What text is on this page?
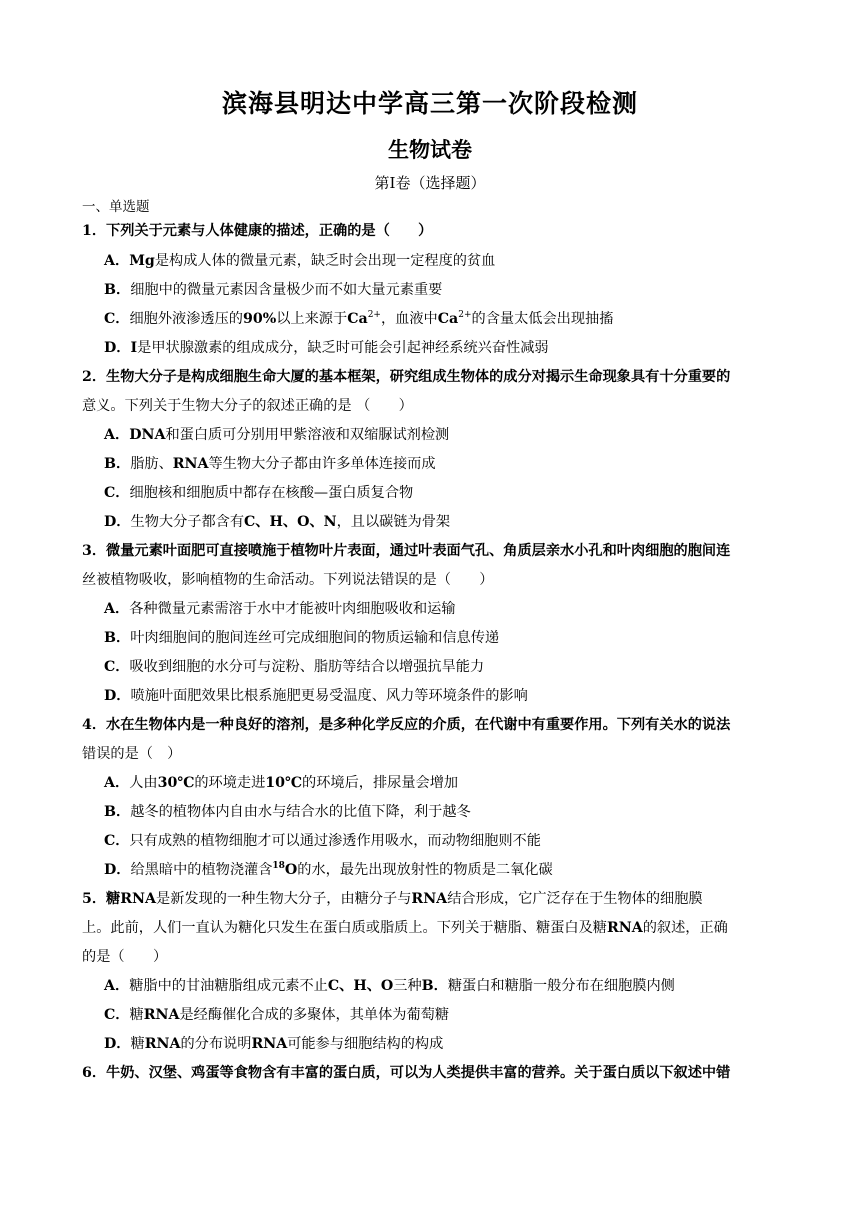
滨海县明达中学高三第一次阶段检测
生物试卷
第Ⅰ卷（选择题）
一、单选题
1．下列关于元素与人体健康的描述，正确的是（　　）
A．Mg是构成人体的微量元素，缺乏时会出现一定程度的贫血
B．细胞中的微量元素因含量极少而不如大量元素重要
C．细胞外液渗透压的90%以上来源于$Ca^{2+}$，血液中$Ca^{2+}$的含量太低会出现抽搐
D．I是甲状腺激素的组成成分，缺乏时可能会引起神经系统兴奋性减弱
2．生物大分子是构成细胞生命大厦的基本框架，研究组成生物体的成分对揭示生命现象具有十分重要的
意义。下列关于生物大分子的叙述正确的是 （　　）
A．DNA和蛋白质可分别用甲紫溶液和双缩脲试剂检测
B．脂肪、RNA等生物大分子都由许多单体连接而成
C．细胞核和细胞质中都存在核酸—蛋白质复合物
D．生物大分子都含有C、H、O、N，且以碳链为骨架
3．微量元素叶面肥可直接喷施于植物叶片表面，通过叶表面气孔、角质层亲水小孔和叶肉细胞的胞间连
丝被植物吸收，影响植物的生命活动。下列说法错误的是（　　）
A．各种微量元素需溶于水中才能被叶肉细胞吸收和运输
B．叶肉细胞间的胞间连丝可完成细胞间的物质运输和信息传递
C．吸收到细胞的水分可与淀粉、脂肪等结合以增强抗旱能力
D．喷施叶面肥效果比根系施肥更易受温度、风力等环境条件的影响
4．水在生物体内是一种良好的溶剂，是多种化学反应的介质，在代谢中有重要作用。下列有关水的说法
错误的是（　）
A．人由30℃的环境走进10℃的环境后，排尿量会增加
B．越冬的植物体内自由水与结合水的比值下降，利于越冬
C．只有成熟的植物细胞才可以通过渗透作用吸水，而动物细胞则不能
D．给黑暗中的植物浇灌含$^{18}$O的水，最先出现放射性的物质是二氧化碳
5．糖RNA是新发现的一种生物大分子，由糖分子与RNA结合形成，它广泛存在于生物体的细胞膜
上。此前，人们一直认为糖化只发生在蛋白质或脂质上。下列关于糖脂、糖蛋白及糖RNA的叙述，正确
的是（　　）
A．糖脂中的甘油糖脂组成元素不止C、H、O三种B．糖蛋白和糖脂一般分布在细胞膜内侧
C．糖RNA是经酶催化合成的多聚体，其单体为葡萄糖
D．糖RNA的分布说明RNA可能参与细胞结构的构成
6．牛奶、汉堡、鸡蛋等食物含有丰富的蛋白质，可以为人类提供丰富的营养。关于蛋白质以下叙述中错
